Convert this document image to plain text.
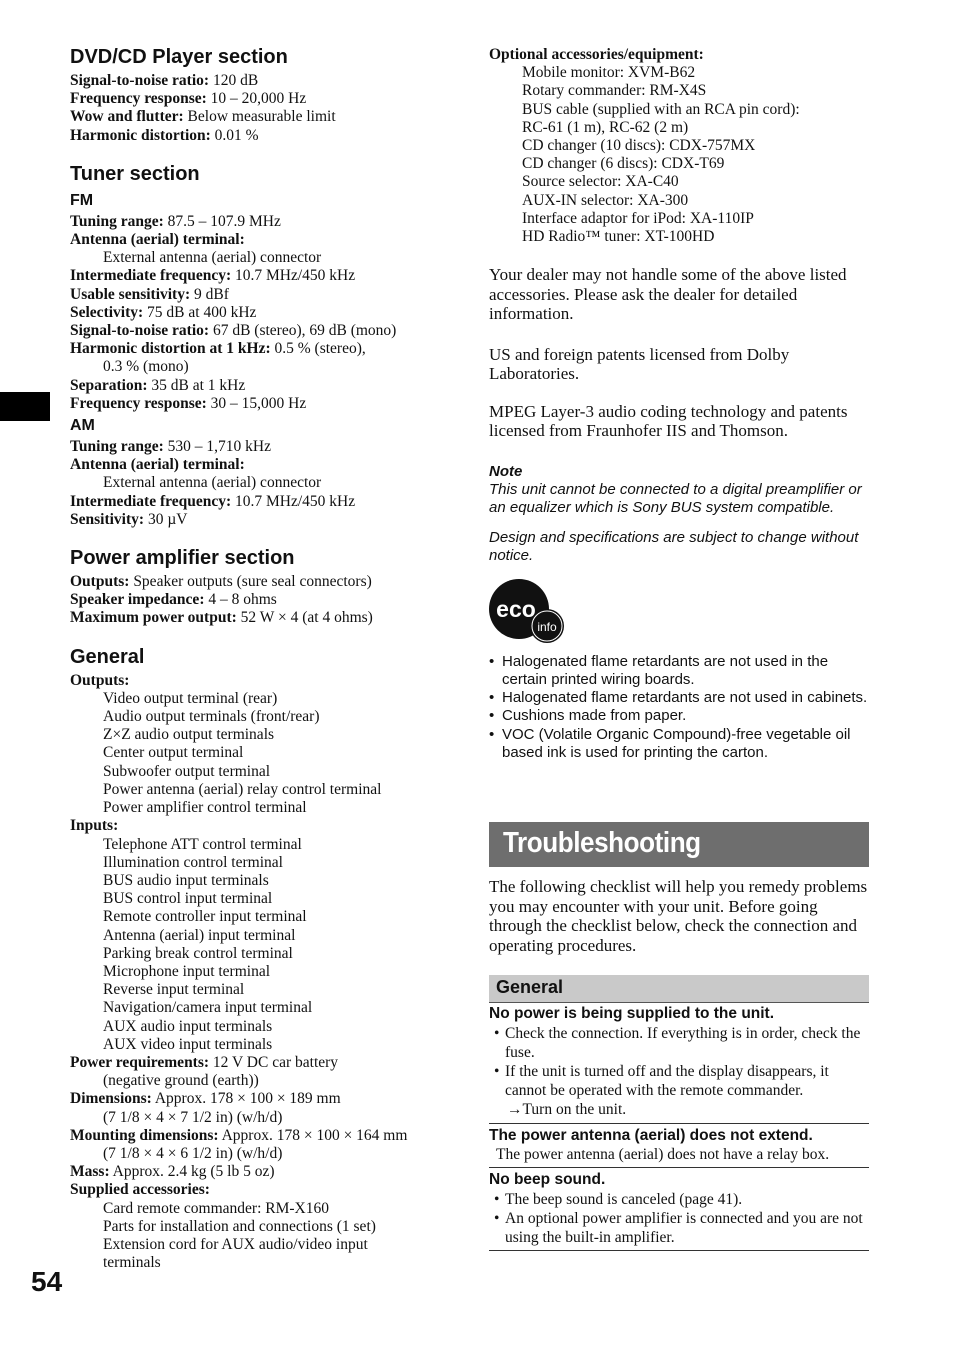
54
DVD/CD Player section
Signal-to-noise ratio: 120 dB
Frequency response: 10 – 20,000 Hz
Wow and flutter: Below measurable limit
Harmonic distortion: 0.01 %
Tuner section
FM
Tuning range: 87.5 – 107.9 MHz
Antenna (aerial) terminal:
External antenna (aerial) connector
Intermediate frequency: 10.7 MHz/450 kHz
Usable sensitivity: 9 dBf
Selectivity: 75 dB at 400 kHz
Signal-to-noise ratio: 67 dB (stereo), 69 dB (mono)
Harmonic distortion at 1 kHz: 0.5 % (stereo),
0.3 % (mono)
Separation: 35 dB at 1 kHz
Frequency response: 30 – 15,000 Hz
AM
Tuning range: 530 – 1,710 kHz
Antenna (aerial) terminal:
External antenna (aerial) connector
Intermediate frequency: 10.7 MHz/450 kHz
Sensitivity: 30 µV
Power amplifier section
Outputs: Speaker outputs (sure seal connectors)
Speaker impedance: 4 – 8 ohms
Maximum power output: 52 W × 4 (at 4 ohms)
General
Outputs:
Video output terminal (rear)
Audio output terminals (front/rear)
Z×Z audio output terminals
Center output terminal
Subwoofer output terminal
Power antenna (aerial) relay control terminal
Power amplifier control terminal
Inputs:
Telephone ATT control terminal
Illumination control terminal
BUS audio input terminals
BUS control input terminal
Remote controller input terminal
Antenna (aerial) input terminal
Parking break control terminal
Microphone input terminal
Reverse input terminal
Navigation/camera input terminal
AUX audio input terminals
AUX video input terminals
Power requirements: 12 V DC car battery
(negative ground (earth))
Dimensions: Approx. 178 × 100 × 189 mm
(7 1/8 × 4 × 7 1/2 in) (w/h/d)
Mounting dimensions: Approx. 178 × 100 × 164 mm
(7 1/8 × 4 × 6 1/2 in) (w/h/d)
Mass: Approx. 2.4 kg (5 lb 5 oz)
Supplied accessories:
Card remote commander: RM-X160
Parts for installation and connections (1 set)
Extension cord for AUX audio/video input
terminals
Optional accessories/equipment:
Mobile monitor: XVM-B62
Rotary commander: RM-X4S
BUS cable (supplied with an RCA pin cord):
RC-61 (1 m), RC-62 (2 m)
CD changer (10 discs): CDX-757MX
CD changer (6 discs): CDX-T69
Source selector: XA-C40
AUX-IN selector: XA-300
Interface adaptor for iPod: XA-110IP
HD Radio™ tuner: XT-100HD

Your dealer may not handle some of the above listed accessories. Please ask the dealer for detailed information.

US and foreign patents licensed from Dolby Laboratories.

MPEG Layer-3 audio coding technology and patents licensed from Fraunhofer IIS and Thomson.

Note

This unit cannot be connected to a digital preamplifier or an equalizer which is Sony BUS system compatible.

Design and specifications are subject to change without notice.

eco
info
• Halogenated flame retardants are not used in the certain printed wiring boards.
• Halogenated flame retardants are not used in cabinets.
• Cushions made from paper.
• VOC (Volatile Organic Compound)-free vegetable oil based ink is used for printing the carton.
Troubleshooting

The following checklist will help you remedy problems you may encounter with your unit. Before going through the checklist below, check the connection and operating procedures.

General
No power is being supplied to the unit.
• Check the connection. If everything is in order, check the fuse.
• If the unit is turned off and the display disappears, it cannot be operated with the remote commander.
→Turn on the unit.
The power antenna (aerial) does not extend.
The power antenna (aerial) does not have a relay box.
No beep sound.
• The beep sound is canceled (page 41).
• An optional power amplifier is connected and you are not using the built-in amplifier.
